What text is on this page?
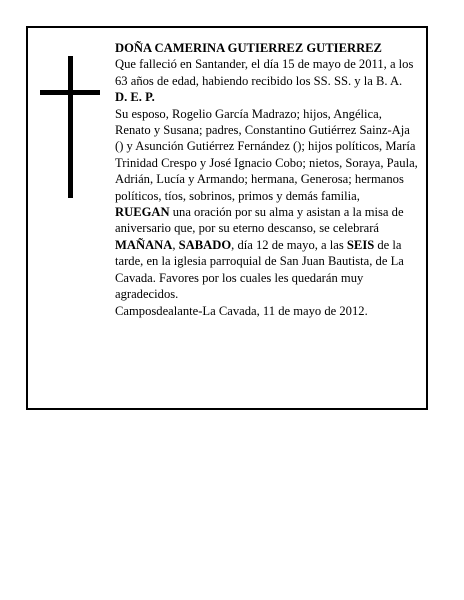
DOÑA CAMERINA GUTIERREZ GUTIERREZ

Que falleció en Santander, el día 15 de mayo de 2011, a los 63 años de edad, habiendo recibido los SS. SS. y la B. A.

D. E. P.

Su esposo, Rogelio García Madrazo; hijos, Angélica, Renato y Susana; padres, Constantino Gutiérrez Sainz-Aja () y Asunción Gutiérrez Fernández (); hijos políticos, María Trinidad Crespo y José Ignacio Cobo; nietos, Soraya, Paula, Adrián, Lucía y Armando; hermana, Generosa; hermanos políticos, tíos, sobrinos, primos y demás familia,

RUEGAN una oración por su alma y asistan a la misa de aniversario que, por su eterno descanso, se celebrará MAÑANA, SABADO, día 12 de mayo, a las SEIS de la tarde, en la iglesia parroquial de San Juan Bautista, de La Cavada. Favores por los cuales les quedarán muy agradecidos.

Camposdealante-La Cavada, 11 de mayo de 2012.
